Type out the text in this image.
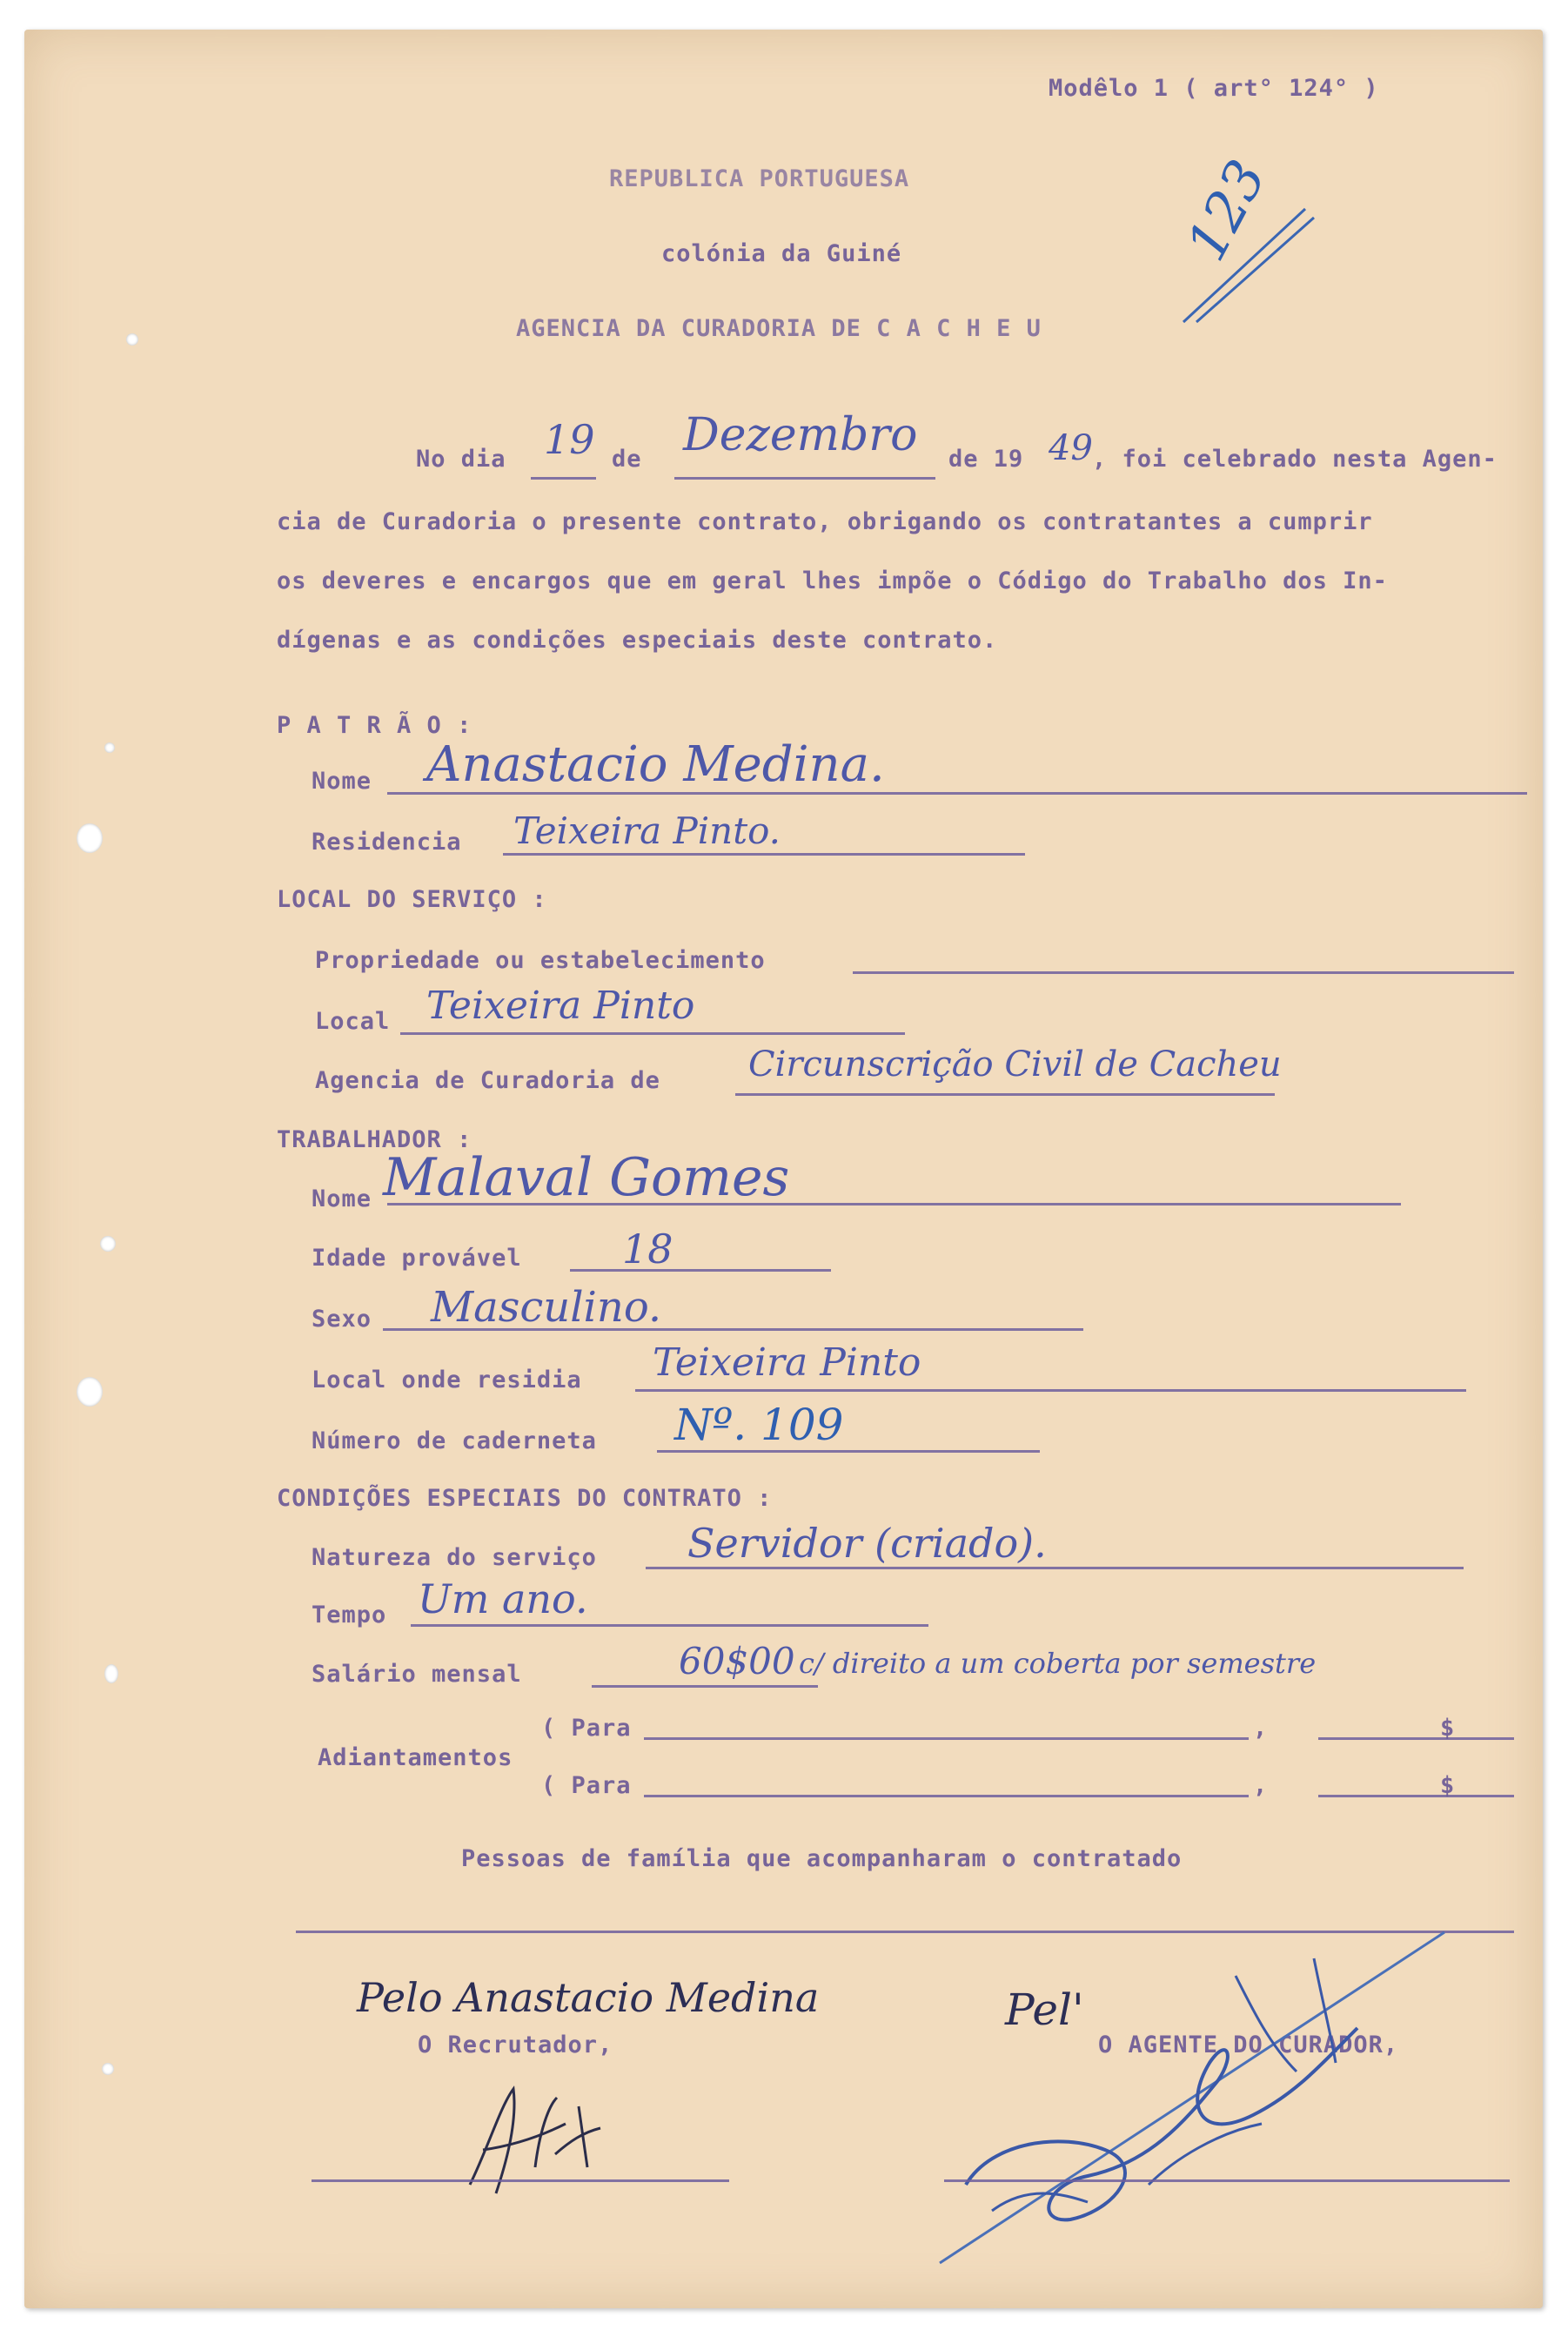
Modêlo 1 ( art° 124° )
REPUBLICA PORTUGUESA
colónia da Guiné
AGENCIA DA CURADORIA DE C A C H E U
123
No dia 19 de Dezembro de 19 49 , foi celebrado nesta Agen-
cia de Curadoria o presente contrato, obrigando os contratantes a cumprir
os deveres e encargos que em geral lhes impõe o Código do Trabalho dos In-
dígenas e as condições especiais deste contrato.
P A T R Ã O :
Nome Anastacio Medina.
Residencia Teixeira Pinto.
LOCAL DO SERVIÇO :
Propriedade ou estabelecimento
Local Teixeira Pinto
Agencia de Curadoria de	Circunscrição Civil de Cacheu
TRABALHADOR :
Nome Malaval Gomes
Idade provável	18
Sexo Masculino.
Local onde residia Teixeira Pinto
Número de caderneta Nº. 109
CONDIÇÕES ESPECIAIS DO CONTRATO :
Natureza do serviço Servidor (criado).
Tempo Um ano.
Salário mensal	60$00 c/ direito a um coberta por semestre
( Para	,	$
Adiantamentos
( Para	,	$
Pessoas de família que acompanharam o contratado
Pelo Anastacio Medina
O Recrutador,
Pel'
O AGENTE DO CURADOR,
